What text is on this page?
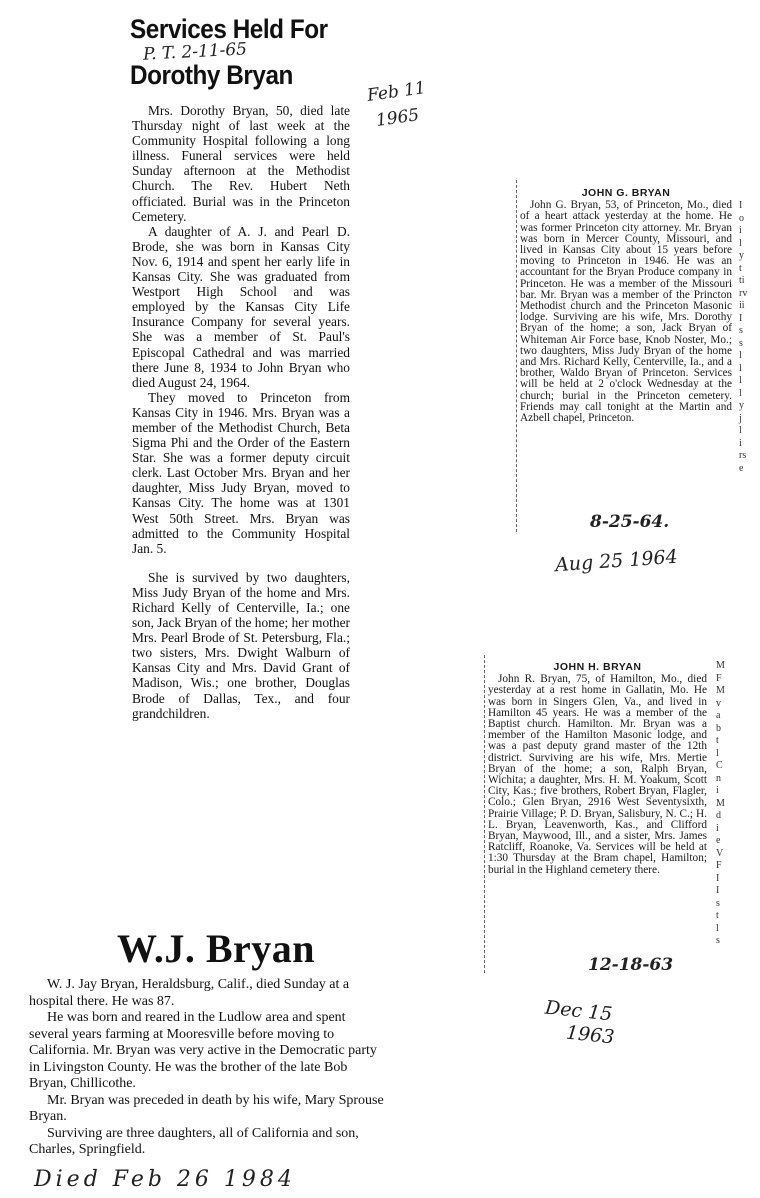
Services Held For
P. T. 2-11-65
Dorothy Bryan
Feb 11
1965

Mrs. Dorothy Bryan, 50, died late Thursday night of last week at the Community Hospital following a long illness. Funeral services were held Sunday afternoon at the Methodist Church. The Rev. Hubert Neth officiated. Burial was in the Princeton Cemetery.

A daughter of A. J. and Pearl D. Brode, she was born in Kansas City Nov. 6, 1914 and spent her early life in Kansas City. She was graduated from Westport High School and was employed by the Kansas City Life Insurance Company for several years. She was a member of St. Paul's Episcopal Cathedral and was married there June 8, 1934 to John Bryan who died August 24, 1964.

They moved to Princeton from Kansas City in 1946. Mrs. Bryan was a member of the Methodist Church, Beta Sigma Phi and the Order of the Eastern Star. She was a former deputy circuit clerk. Last October Mrs. Bryan and her daughter, Miss Judy Bryan, moved to Kansas City. The home was at 1301 West 50th Street. Mrs. Bryan was admitted to the Community Hospital Jan. 5.

She is survived by two daughters, Miss Judy Bryan of the home and Mrs. Richard Kelly of Centerville, Ia.; one son, Jack Bryan of the home; her mother Mrs. Pearl Brode of St. Petersburg, Fla.; two sisters, Mrs. Dwight Walburn of Kansas City and Mrs. David Grant of Madison, Wis.; one brother, Douglas Brode of Dallas, Tex., and four grandchildren.

JOHN G. BRYAN
John G. Bryan, 53, of Princeton, Mo., died of a heart attack yesterday at the home. He was former Princeton city attorney. Mr. Bryan was born in Mercer County, Missouri, and lived in Kansas City about 15 years before moving to Princeton in 1946. He was an accountant for the Bryan Produce company in Princeton. He was a member of the Missouri bar. Mr. Bryan was a member of the Princton Methodist church and the Princeton Masonic lodge. Surviving are his wife, Mrs. Dorothy Bryan of the home; a son, Jack Bryan of Whiteman Air Force base, Knob Noster, Mo.; two daughters, Miss Judy Bryan of the home and Mrs. Richard Kelly, Centerville, Ia., and a brother, Waldo Bryan of Princeton. Services will be held at 2 o'clock Wednesday at the church; burial in the Princeton cemetery. Friends may call tonight at the Martin and Azbell chapel, Princeton.
I
o
i
l
y
t
ti
rv
ii
I
s
s
l
l
l
l
y
j
l
i
rs
e
8-25-64.
Aug 25 1964
JOHN H. BRYAN
John R. Bryan, 75, of Hamilton, Mo., died yesterday at a rest home in Gallatin, Mo. He was born in Singers Glen, Va., and lived in Hamilton 45 years. He was a member of the Baptist church. Hamilton. Mr. Bryan was a member of the Hamilton Masonic lodge, and was a past deputy grand master of the 12th district. Surviving are his wife, Mrs. Mertie Bryan of the home; a son, Ralph Bryan, Wichita; a daughter, Mrs. H. M. Yoakum, Scott City, Kas.; five brothers, Robert Bryan, Flagler, Colo.; Glen Bryan, 2916 West Seventysixth, Prairie Village; P. D. Bryan, Salisbury, N. C.; H. L. Bryan, Leavenworth, Kas., and Clifford Bryan, Maywood, Ill., and a sister, Mrs. James Ratcliff, Roanoke, Va. Services will be held at 1:30 Thursday at the Bram chapel, Hamilton; burial in the Highland cemetery there.
M
F
M
v
a
b
t
l
C
n
i
M
d
i
e
V
F
I
I
s
t
l
s
12-18-63
Dec 15
1963
W.J. Bryan

W. J. Jay Bryan, Heraldsburg, Calif., died Sunday at a hospital there. He was 87.

He was born and reared in the Ludlow area and spent several years farming at Mooresville before moving to California. Mr. Bryan was very active in the Democratic party in Livingston County. He was the brother of the late Bob Bryan, Chillicothe.

Mr. Bryan was preceded in death by his wife, Mary Sprouse Bryan.

Surviving are three daughters, all of California and son, Charles, Springfield.

Died Feb 26 1984
